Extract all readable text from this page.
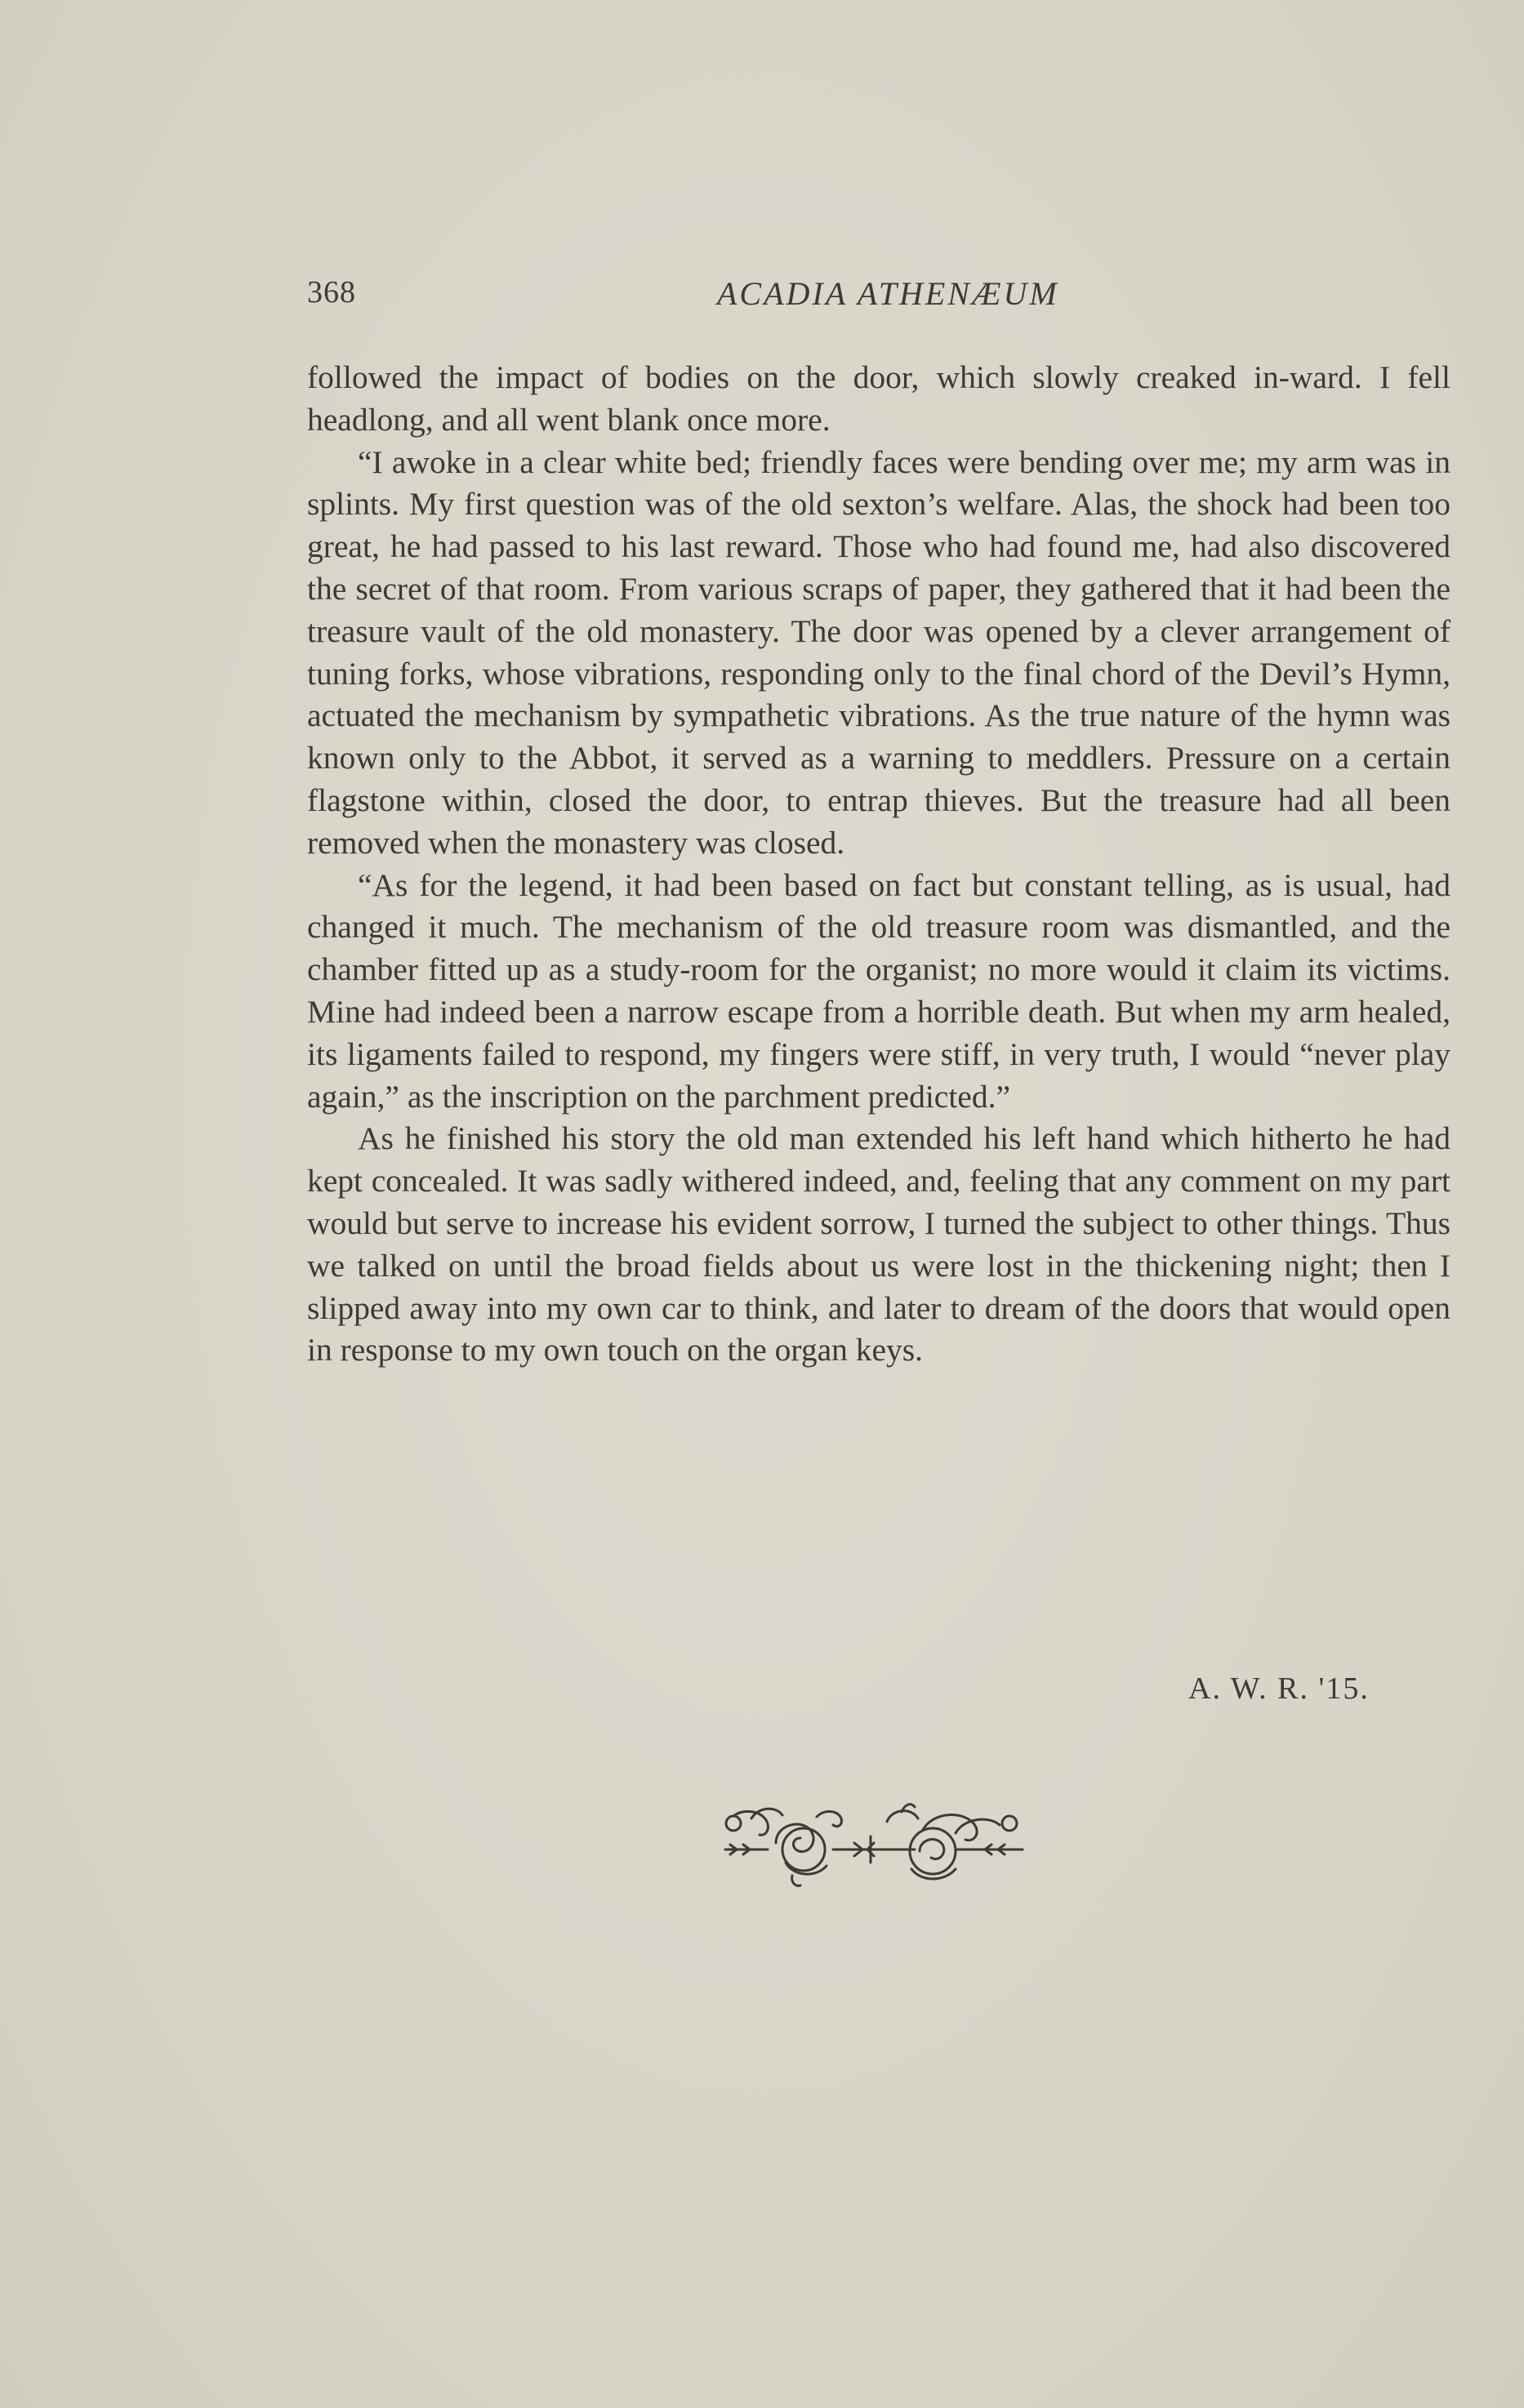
368	ACADIA ATHENÆUM

followed the impact of bodies on the door, which slowly creaked in-ward. I fell headlong, and all went blank once more.

“I awoke in a clear white bed; friendly faces were bending over me; my arm was in splints. My first question was of the old sexton’s welfare. Alas, the shock had been too great, he had passed to his last reward. Those who had found me, had also discovered the secret of that room. From various scraps of paper, they gathered that it had been the treasure vault of the old monastery. The door was opened by a clever arrangement of tuning forks, whose vibrations, responding only to the final chord of the Devil’s Hymn, actuated the mechanism by sympathetic vibrations. As the true nature of the hymn was known only to the Abbot, it served as a warning to meddlers. Pressure on a certain flagstone within, closed the door, to entrap thieves. But the treasure had all been removed when the monastery was closed.

“As for the legend, it had been based on fact but constant telling, as is usual, had changed it much. The mechanism of the old treasure room was dismantled, and the chamber fitted up as a study-room for the organist; no more would it claim its victims. Mine had indeed been a narrow escape from a horrible death. But when my arm healed, its ligaments failed to respond, my fingers were stiff, in very truth, I would “never play again,” as the inscription on the parchment predicted.”

As he finished his story the old man extended his left hand which hitherto he had kept concealed. It was sadly withered indeed, and, feeling that any comment on my part would but serve to increase his evident sorrow, I turned the subject to other things. Thus we talked on until the broad fields about us were lost in the thickening night; then I slipped away into my own car to think, and later to dream of the doors that would open in response to my own touch on the organ keys.

A. W. R. '15.
